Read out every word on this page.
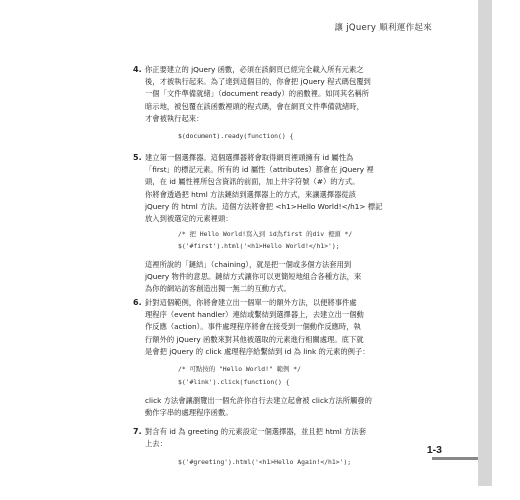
讓 jQuery 順利運作起來
4. 你正要建立的 jQuery 函數，必須在該網頁已經完全載入所有元素之
後，才被執行起來。為了達到這個目的，你會把 jQuery 程式碼包覆到
一個「文件準備就緒」（document ready）的函數裡。如同其名稱所
暗示地，被包覆在該函數裡頭的程式碼，會在網頁文件準備就緒時，
才會被執行起來：
$(document).ready(function() {
5. 建立第一個選擇器。這個選擇器將會取得網頁裡頭擁有 id 屬性為
「first」的標記元素。所有的 id 屬性（attributes）都會在 jQuery 裡
頭，在 id 屬性裡所包含資訊的前面，加上井字符號（#）的方式。
你將會透過把 html 方法鏈結到選擇器上的方式，來讓選擇器從該
jQuery 的 html 方法。這個方法將會把 <h1>Hello World!</h1> 標記
放入到被選定的元素裡頭：
/* 把 Hello World!寫入到 id為first 的div 裡頭 */
$('#first').html('<h1>Hello World!</h1>');
這裡所說的「鏈結」（chaining），就是把一個或多個方法套用到
jQuery 物件的意思。鏈結方式讓你可以更簡短地組合各種方法，來
為你的網站訪客創造出獨一無二的互動方式。
6. 針對這個範例，你將會建立出一個單一的額外方法，以便將事件處
理程序（event handler）連結或繫結到選擇器上，去建立出一個動
作反應（action）。事件處理程序將會在接受到一個動作反應時，執
行額外的 jQuery 函數來對其他被選取的元素進行相關處理。底下就
是會把 jQuery 的 click 處理程序給繫結到 id 為 link 的元素的例子：
/* 可點按的 "Hello World!" 範例 */
$('#link').click(function() {
click 方法會讓瀏覽出一個允許你自行去建立起會被 click方法所觸發的
動作字串的處理程序函數。
7. 對含有 id 為 greeting 的元素設定一個選擇器，並且把 html 方法套
上去：
$('#greeting').html('<h1>Hello Again!</h1>');
1-3
